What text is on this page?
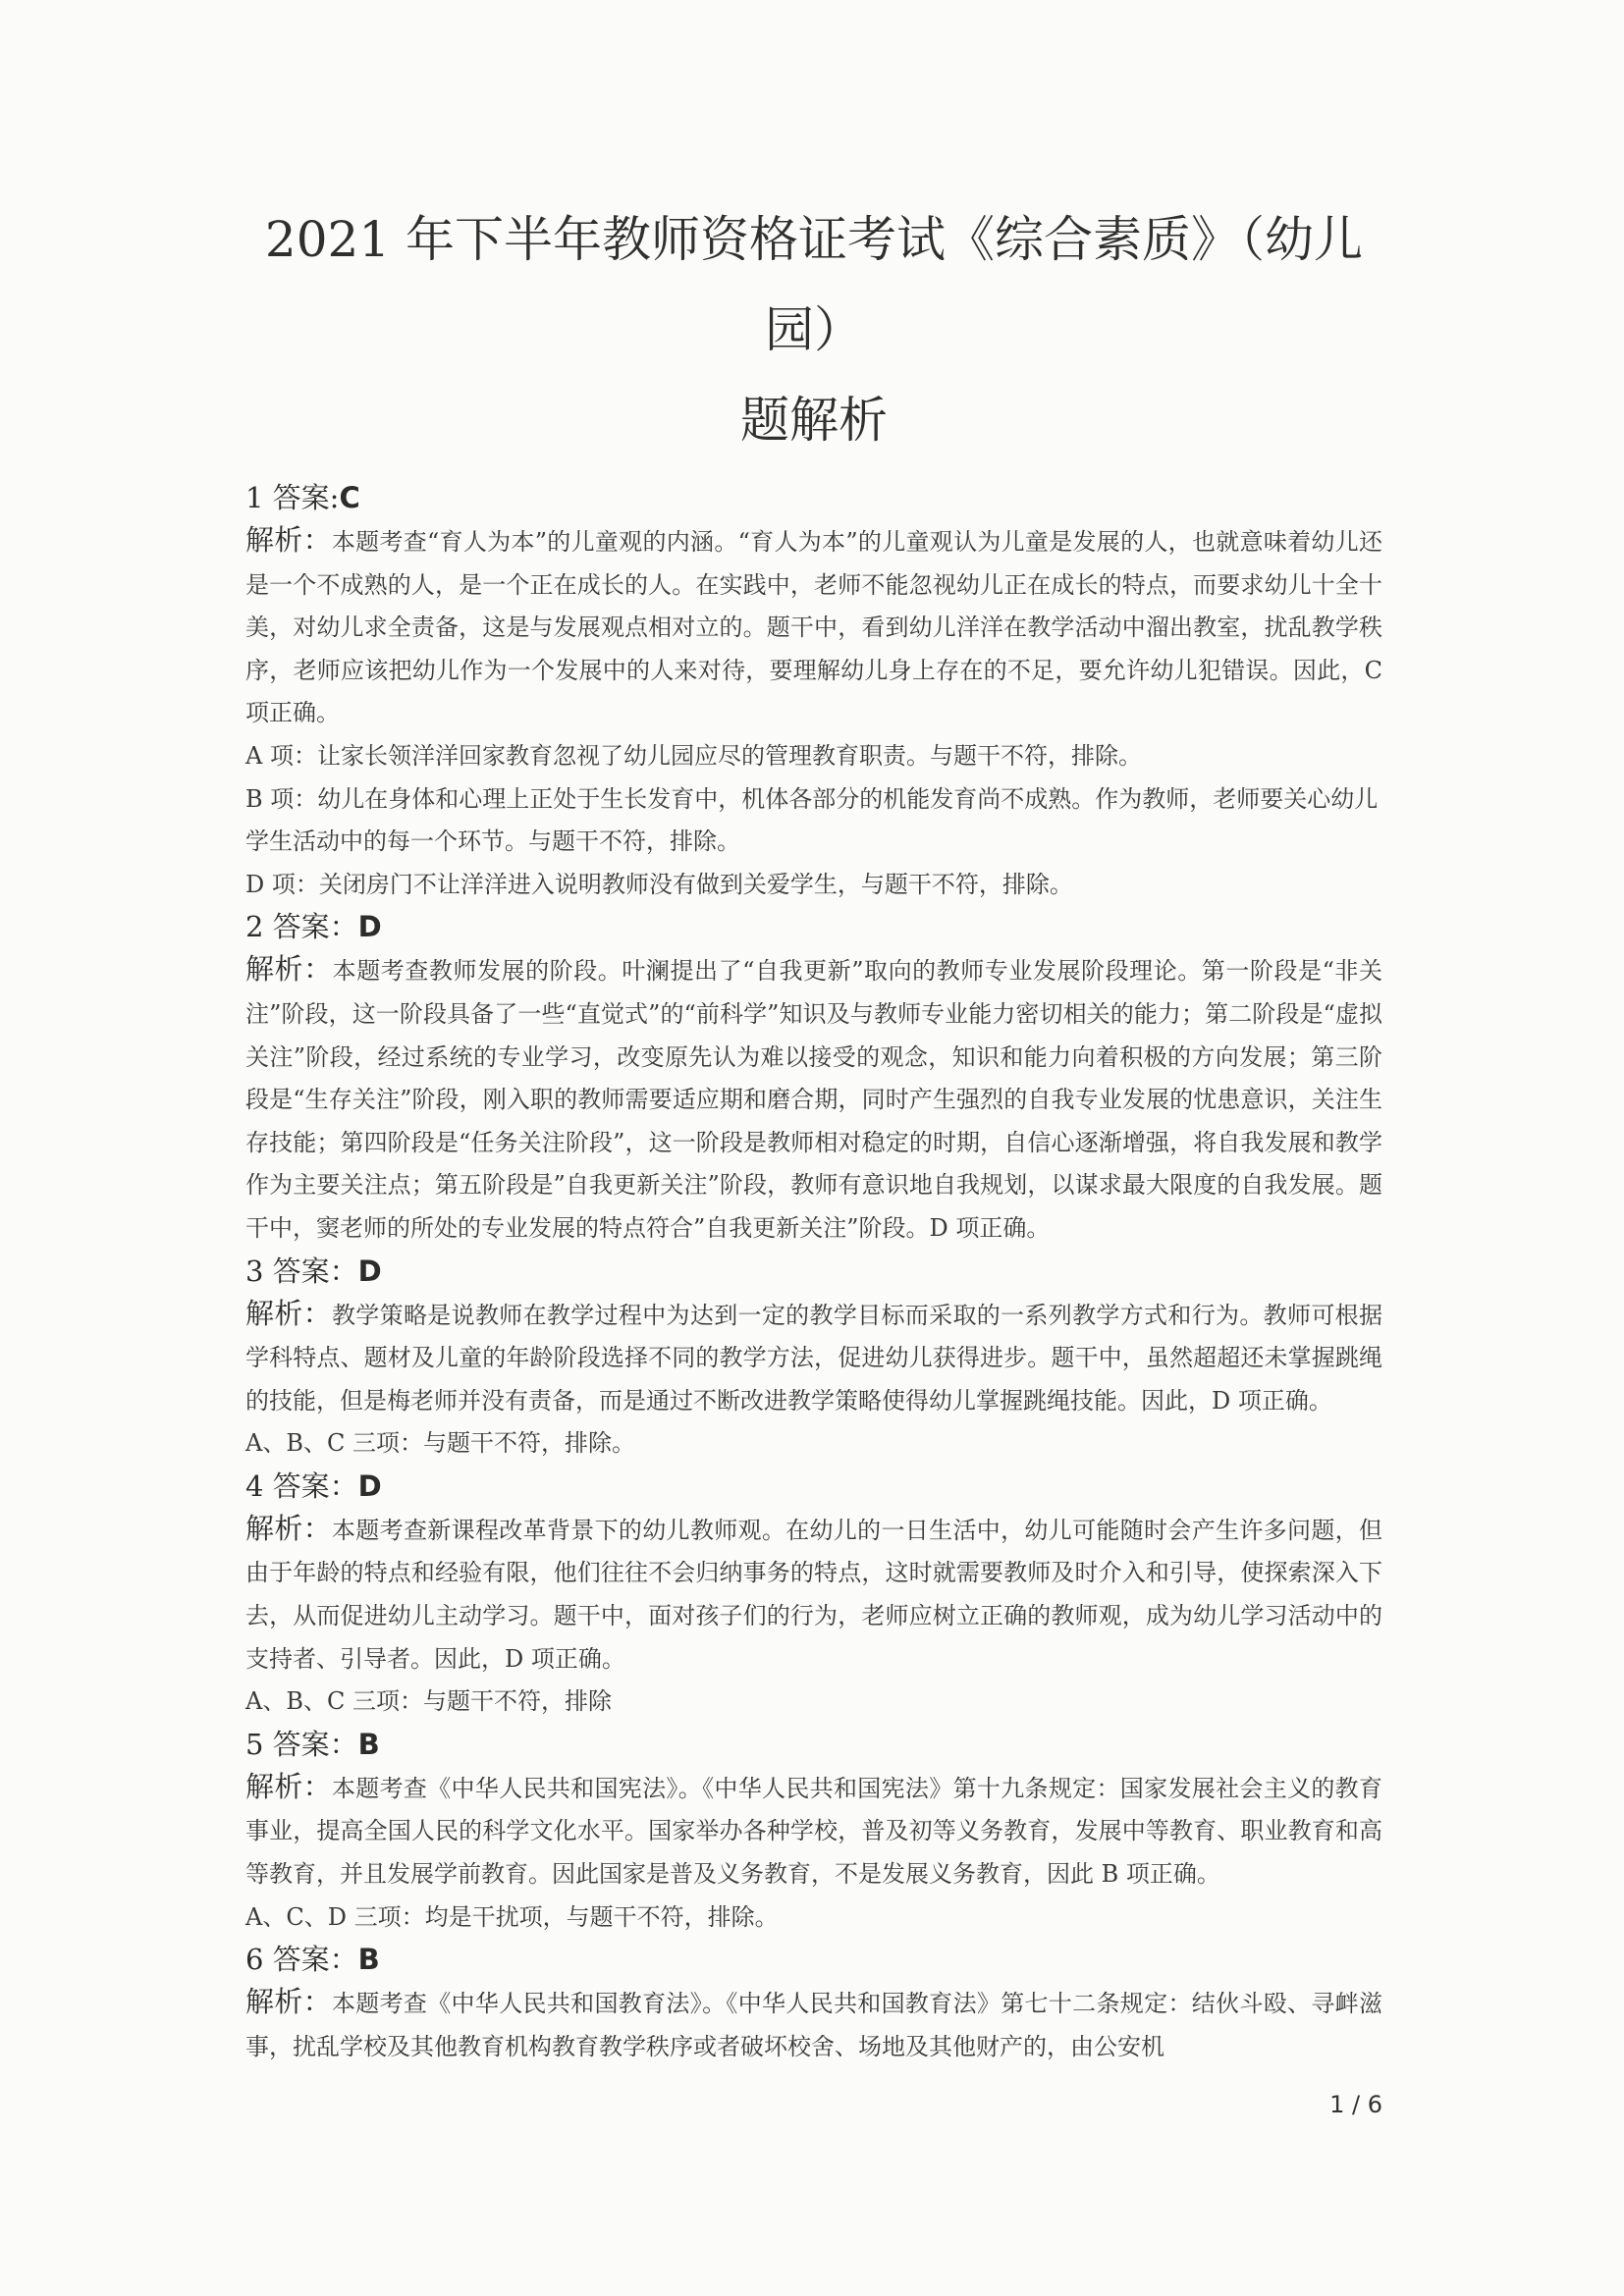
2021 年下半年教师资格证考试《综合素质》（幼儿园）
题解析
1 答案:C

解析：本题考查“育人为本”的儿童观的内涵。“育人为本”的儿童观认为儿童是发展的人，也就意味着幼儿还是一个不成熟的人，是一个正在成长的人。在实践中，老师不能忽视幼儿正在成长的特点，而要求幼儿十全十美，对幼儿求全责备，这是与发展观点相对立的。题干中，看到幼儿洋洋在教学活动中溜出教室，扰乱教学秩序，老师应该把幼儿作为一个发展中的人来对待，要理解幼儿身上存在的不足，要允许幼儿犯错误。因此，C 项正确。

A 项：让家长领洋洋回家教育忽视了幼儿园应尽的管理教育职责。与题干不符，排除。

B 项：幼儿在身体和心理上正处于生长发育中，机体各部分的机能发育尚不成熟。作为教师，老师要关心幼儿学生活动中的每一个环节。与题干不符，排除。

D 项：关闭房门不让洋洋进入说明教师没有做到关爱学生，与题干不符，排除。

2 答案：D

解析：本题考查教师发展的阶段。叶澜提出了“自我更新”取向的教师专业发展阶段理论。第一阶段是“非关注”阶段，这一阶段具备了一些“直觉式”的“前科学”知识及与教师专业能力密切相关的能力；第二阶段是“虚拟关注”阶段，经过系统的专业学习，改变原先认为难以接受的观念，知识和能力向着积极的方向发展；第三阶段是“生存关注”阶段，刚入职的教师需要适应期和磨合期，同时产生强烈的自我专业发展的忧患意识，关注生存技能；第四阶段是“任务关注阶段”，这一阶段是教师相对稳定的时期，自信心逐渐增强，将自我发展和教学作为主要关注点；第五阶段是”自我更新关注”阶段，教师有意识地自我规划，以谋求最大限度的自我发展。题干中，窦老师的所处的专业发展的特点符合”自我更新关注”阶段。D 项正确。

3 答案：D

解析：教学策略是说教师在教学过程中为达到一定的教学目标而采取的一系列教学方式和行为。教师可根据学科特点、题材及儿童的年龄阶段选择不同的教学方法，促进幼儿获得进步。题干中，虽然超超还未掌握跳绳的技能，但是梅老师并没有责备，而是通过不断改进教学策略使得幼儿掌握跳绳技能。因此，D 项正确。

A、B、C 三项：与题干不符，排除。

4 答案：D

解析：本题考查新课程改革背景下的幼儿教师观。在幼儿的一日生活中，幼儿可能随时会产生许多问题，但由于年龄的特点和经验有限，他们往往不会归纳事务的特点，这时就需要教师及时介入和引导，使探索深入下去，从而促进幼儿主动学习。题干中，面对孩子们的行为，老师应树立正确的教师观，成为幼儿学习活动中的支持者、引导者。因此，D 项正确。

A、B、C 三项：与题干不符，排除

5 答案：B

解析：本题考查《中华人民共和国宪法》。《中华人民共和国宪法》第十九条规定：国家发展社会主义的教育事业，提高全国人民的科学文化水平。国家举办各种学校，普及初等义务教育，发展中等教育、职业教育和高等教育，并且发展学前教育。因此国家是普及义务教育，不是发展义务教育，因此 B 项正确。

A、C、D 三项：均是干扰项，与题干不符，排除。

6 答案：B

解析：本题考查《中华人民共和国教育法》。《中华人民共和国教育法》第七十二条规定：结伙斗殴、寻衅滋事，扰乱学校及其他教育机构教育教学秩序或者破坏校舍、场地及其他财产的，由公安机

1 / 6
